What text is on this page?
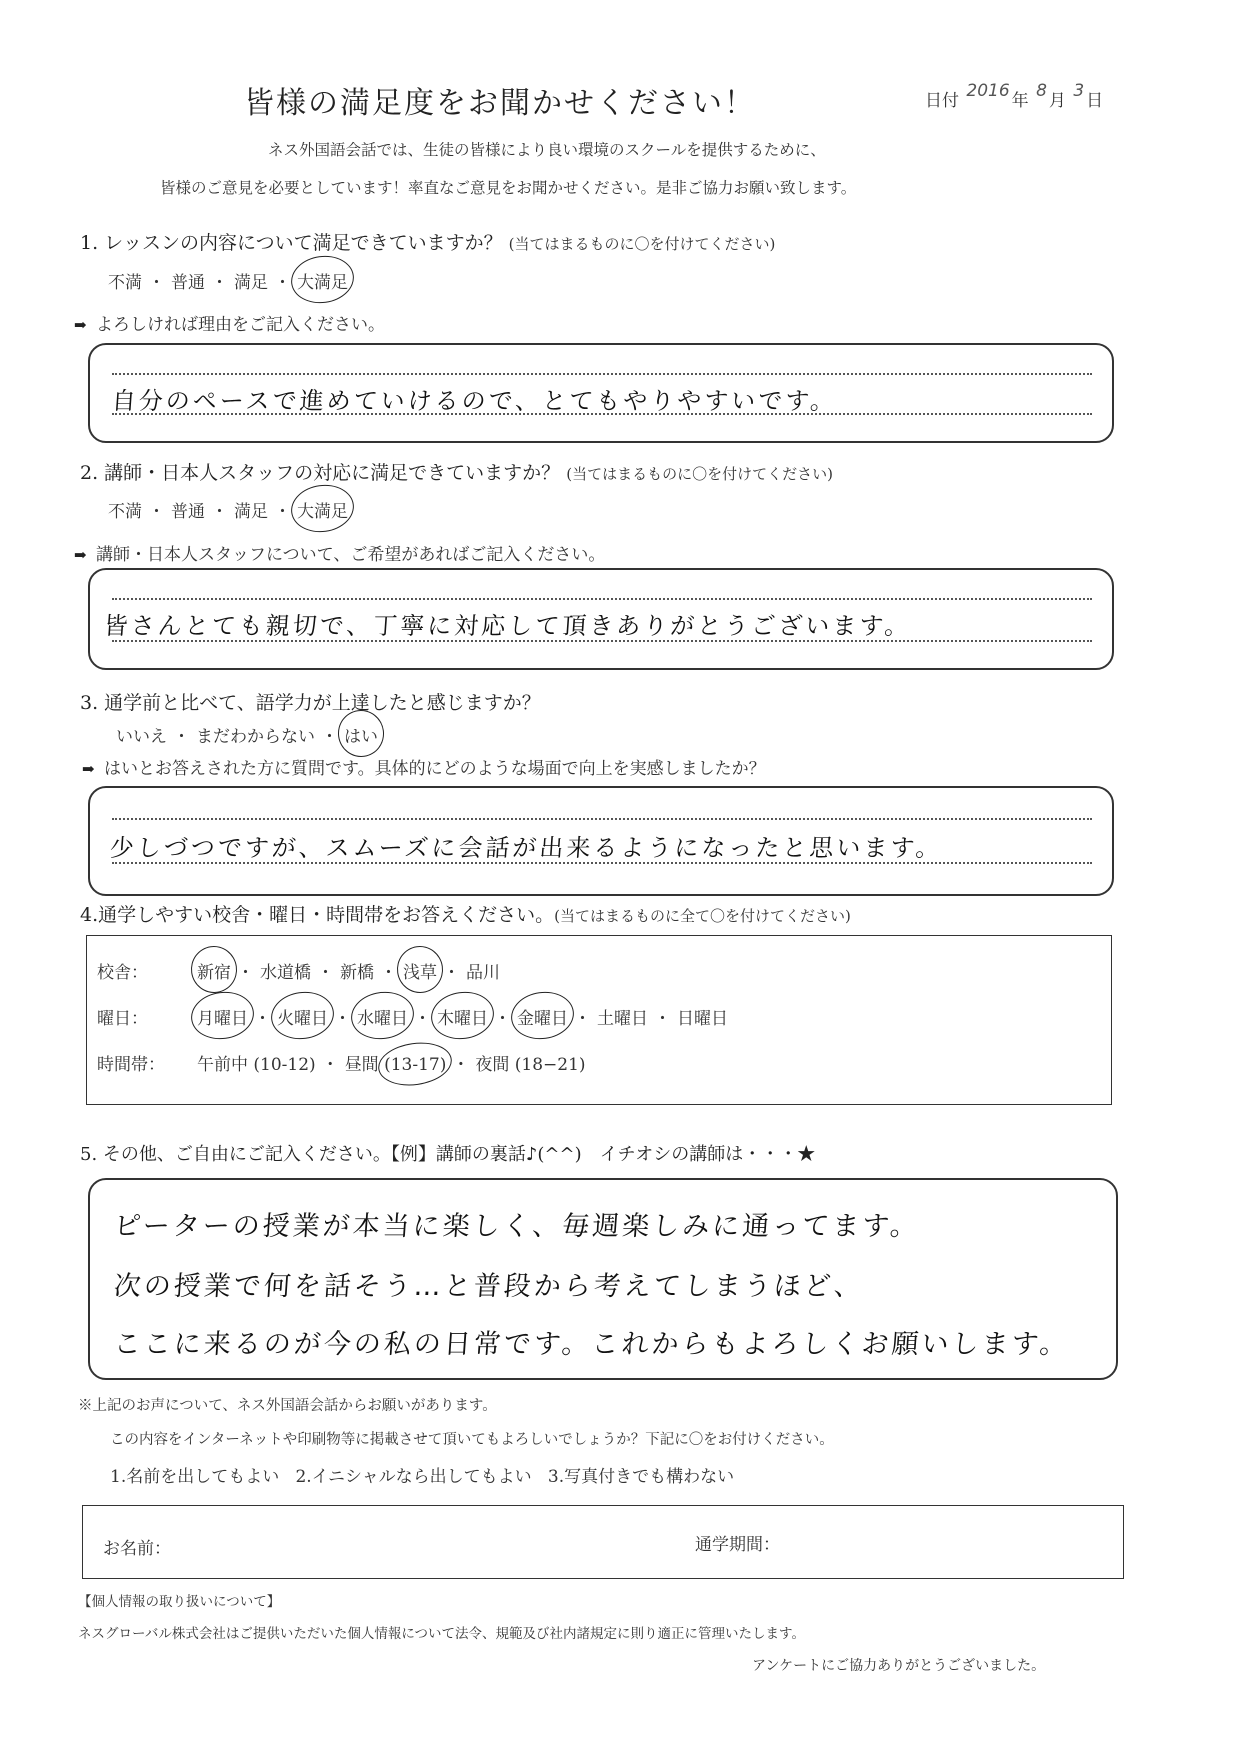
皆様の満足度をお聞かせください！	日付 2016 年 8 月 3 日
ネス外国語会話では、生徒の皆様により良い環境のスクールを提供するために、
皆様のご意見を必要としています！率直なご意見をお聞かせください。是非ご協力お願い致します。
1. レッスンの内容について満足できていますか？ (当てはまるものに〇を付けてください)
不満 ・ 普通 ・ 満足 ・ 大満足
➡ よろしければ理由をご記入ください。
自分のペースで進めていけるので、とてもやりやすいです。
2. 講師・日本人スタッフの対応に満足できていますか？ (当てはまるものに〇を付けてください)
不満 ・ 普通 ・ 満足 ・ 大満足
➡ 講師・日本人スタッフについて、ご希望があればご記入ください。
皆さんとても親切で、丁寧に対応して頂きありがとうございます。
3. 通学前と比べて、語学力が上達したと感じますか？
いいえ ・ まだわからない ・ はい
➡ はいとお答えされた方に質問です。具体的にどのような場面で向上を実感しましたか？
少しづつですが、スムーズに会話が出来るようになったと思います。
4.通学しやすい校舎・曜日・時間帯をお答えください。(当てはまるものに全て〇を付けてください)
校舎：	新宿 ・ 水道橋 ・ 新橋 ・ 浅草 ・ 品川
曜日：	月曜日 ・ 火曜日 ・ 水曜日 ・ 木曜日 ・ 金曜日 ・ 土曜日 ・ 日曜日
時間帯： 午前中 (10-12) ・ 昼間 (13-17) ・ 夜間 (18−21)
5. その他、ご自由にご記入ください。【例】講師の裏話♪(^^)　イチオシの講師は・・・★
ピーターの授業が本当に楽しく、毎週楽しみに通ってます。
次の授業で何を話そう…と普段から考えてしまうほど、
ここに来るのが今の私の日常です。これからもよろしくお願いします。
※上記のお声について、ネス外国語会話からお願いがあります。
この内容をインターネットや印刷物等に掲載させて頂いてもよろしいでしょうか？下記に〇をお付けください。
1.名前を出してもよい 2.イニシャルなら出してもよい 3.写真付きでも構わない
お名前：	通学期間：
【個人情報の取り扱いについて】
ネスグローバル株式会社はご提供いただいた個人情報について法令、規範及び社内諸規定に則り適正に管理いたします。
アンケートにご協力ありがとうございました。
